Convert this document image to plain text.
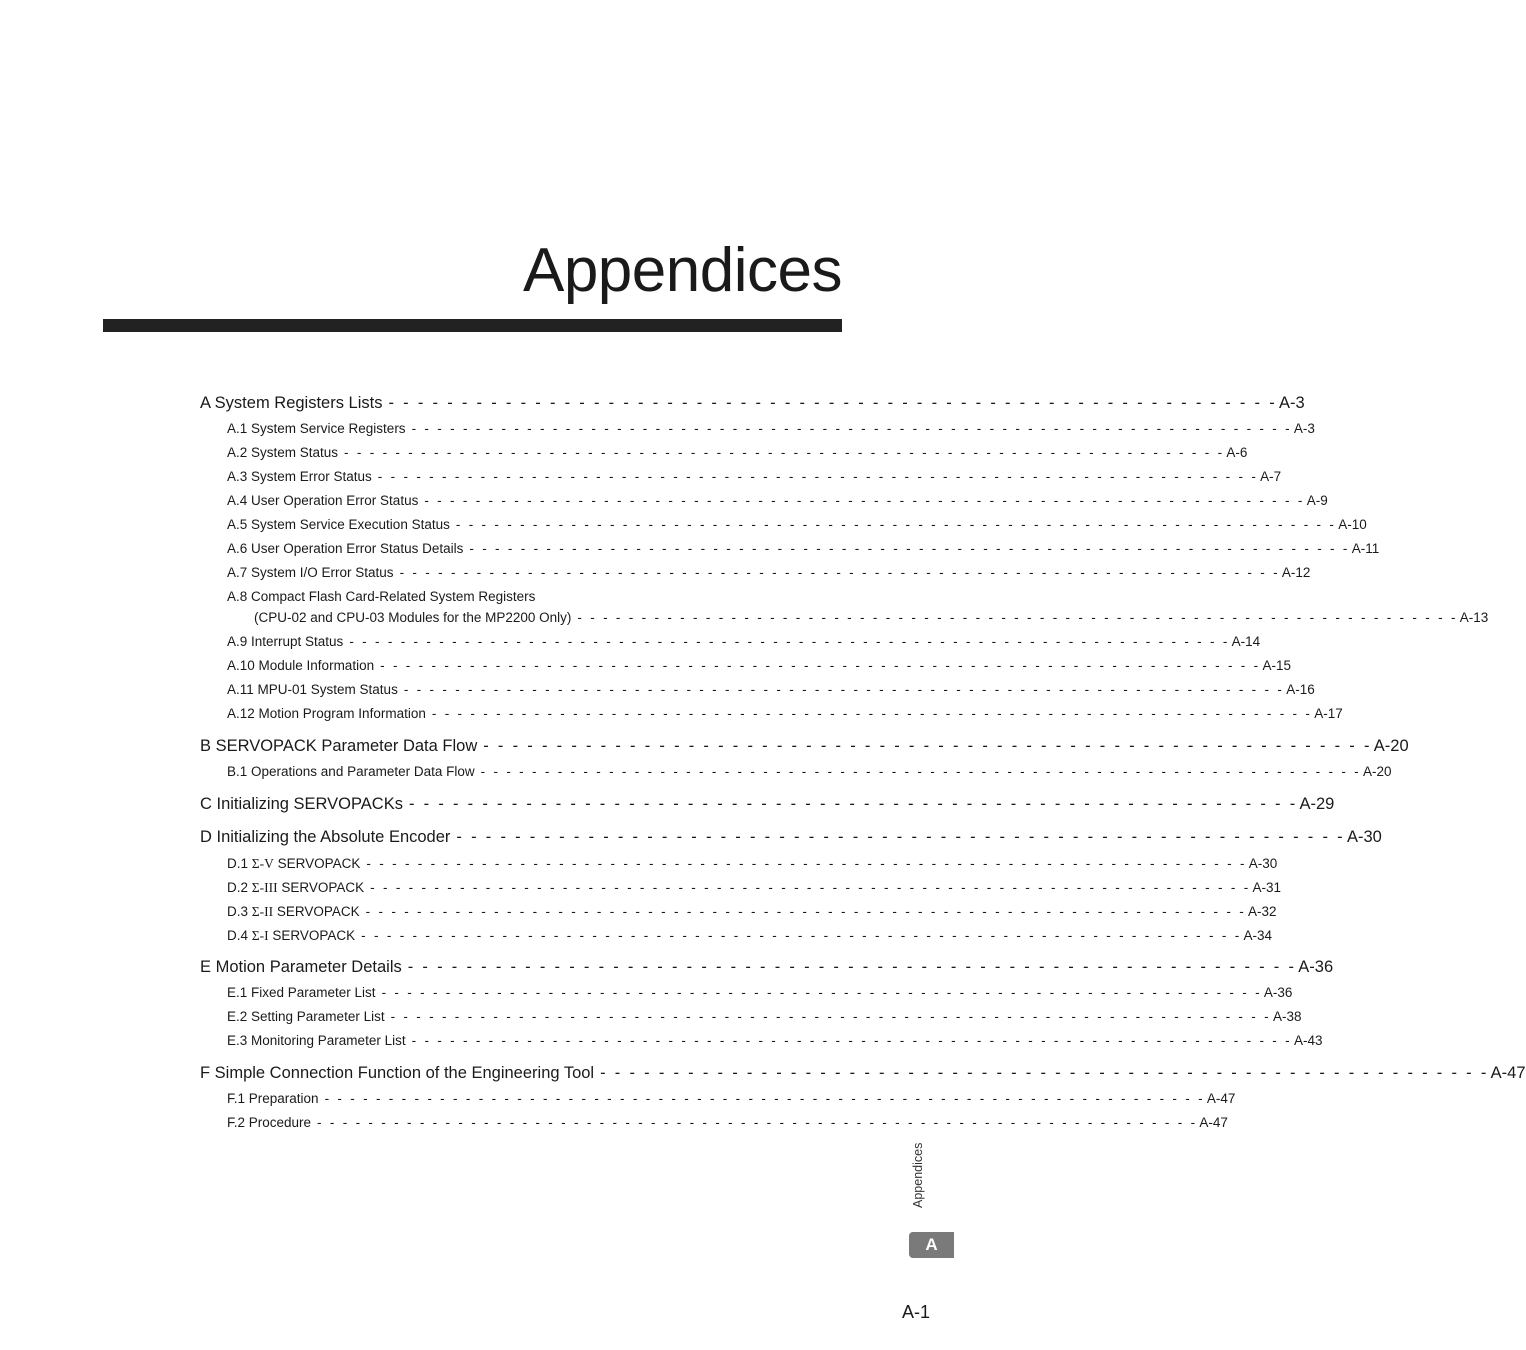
Appendices
A System Registers Lists - - - - - - - - - - - - - - - - - - - - - - - - - - - - - - - - - - - - - - - - - - - - - - - - - - - - - - - - - - - - - A-3
A.1 System Service Registers - - - - - - - - - - - - - - - - - - - - - - - - - - - - - - - - - - - - - - - - - - - - - - - - - - - - - - - - - - - - - - - - - - - - - A-3
A.2 System Status - - - - - - - - - - - - - - - - - - - - - - - - - - - - - - - - - - - - - - - - - - - - - - - - - - - - - - - - - - - - - - - - - - - - - A-6
A.3 System Error Status - - - - - - - - - - - - - - - - - - - - - - - - - - - - - - - - - - - - - - - - - - - - - - - - - - - - - - - - - - - - - - - - - - - - - A-7
A.4 User Operation Error Status - - - - - - - - - - - - - - - - - - - - - - - - - - - - - - - - - - - - - - - - - - - - - - - - - - - - - - - - - - - - - - - - - - - - - A-9
A.5 System Service Execution Status - - - - - - - - - - - - - - - - - - - - - - - - - - - - - - - - - - - - - - - - - - - - - - - - - - - - - - - - - - - - - - - - - - - - - A-10
A.6 User Operation Error Status Details - - - - - - - - - - - - - - - - - - - - - - - - - - - - - - - - - - - - - - - - - - - - - - - - - - - - - - - - - - - - - - - - - - - - - A-11
A.7 System I/O Error Status - - - - - - - - - - - - - - - - - - - - - - - - - - - - - - - - - - - - - - - - - - - - - - - - - - - - - - - - - - - - - - - - - - - - - A-12
A.8 Compact Flash Card-Related System Registers
(CPU-02 and CPU-03 Modules for the MP2200 Only) - - - - - - - - - - - - - - - - - - - - - - - - - - - - - - - - - - - - - - - - - - - - - - - - - - - - - - - - - - - - - - - - - - - - - A-13
A.9 Interrupt Status - - - - - - - - - - - - - - - - - - - - - - - - - - - - - - - - - - - - - - - - - - - - - - - - - - - - - - - - - - - - - - - - - - - - - A-14
A.10 Module Information - - - - - - - - - - - - - - - - - - - - - - - - - - - - - - - - - - - - - - - - - - - - - - - - - - - - - - - - - - - - - - - - - - - - - A-15
A.11 MPU-01 System Status - - - - - - - - - - - - - - - - - - - - - - - - - - - - - - - - - - - - - - - - - - - - - - - - - - - - - - - - - - - - - - - - - - - - - A-16
A.12 Motion Program Information - - - - - - - - - - - - - - - - - - - - - - - - - - - - - - - - - - - - - - - - - - - - - - - - - - - - - - - - - - - - - - - - - - - - - A-17
B SERVOPACK Parameter Data Flow - - - - - - - - - - - - - - - - - - - - - - - - - - - - - - - - - - - - - - - - - - - - - - - - - - - - - - - - - - - - - A-20
B.1 Operations and Parameter Data Flow - - - - - - - - - - - - - - - - - - - - - - - - - - - - - - - - - - - - - - - - - - - - - - - - - - - - - - - - - - - - - - - - - - - - - A-20
C Initializing SERVOPACKs - - - - - - - - - - - - - - - - - - - - - - - - - - - - - - - - - - - - - - - - - - - - - - - - - - - - - - - - - - - - - A-29
D Initializing the Absolute Encoder - - - - - - - - - - - - - - - - - - - - - - - - - - - - - - - - - - - - - - - - - - - - - - - - - - - - - - - - - - - - - A-30
D.1 Σ-V SERVOPACK - - - - - - - - - - - - - - - - - - - - - - - - - - - - - - - - - - - - - - - - - - - - - - - - - - - - - - - - - - - - - - - - - - - - - A-30
D.2 Σ-III SERVOPACK - - - - - - - - - - - - - - - - - - - - - - - - - - - - - - - - - - - - - - - - - - - - - - - - - - - - - - - - - - - - - - - - - - - - - A-31
D.3 Σ-II SERVOPACK - - - - - - - - - - - - - - - - - - - - - - - - - - - - - - - - - - - - - - - - - - - - - - - - - - - - - - - - - - - - - - - - - - - - - A-32
D.4 Σ-I SERVOPACK - - - - - - - - - - - - - - - - - - - - - - - - - - - - - - - - - - - - - - - - - - - - - - - - - - - - - - - - - - - - - - - - - - - - - A-34
E Motion Parameter Details - - - - - - - - - - - - - - - - - - - - - - - - - - - - - - - - - - - - - - - - - - - - - - - - - - - - - - - - - - - - - A-36
E.1 Fixed Parameter List - - - - - - - - - - - - - - - - - - - - - - - - - - - - - - - - - - - - - - - - - - - - - - - - - - - - - - - - - - - - - - - - - - - - - A-36
E.2 Setting Parameter List - - - - - - - - - - - - - - - - - - - - - - - - - - - - - - - - - - - - - - - - - - - - - - - - - - - - - - - - - - - - - - - - - - - - - A-38
E.3 Monitoring Parameter List - - - - - - - - - - - - - - - - - - - - - - - - - - - - - - - - - - - - - - - - - - - - - - - - - - - - - - - - - - - - - - - - - - - - - A-43
F Simple Connection Function of the Engineering Tool - - - - - - - - - - - - - - - - - - - - - - - - - - - - - - - - - - - - - - - - - - - - - - - - - - - - - - - - - - - - - A-47
F.1 Preparation - - - - - - - - - - - - - - - - - - - - - - - - - - - - - - - - - - - - - - - - - - - - - - - - - - - - - - - - - - - - - - - - - - - - - A-47
F.2 Procedure - - - - - - - - - - - - - - - - - - - - - - - - - - - - - - - - - - - - - - - - - - - - - - - - - - - - - - - - - - - - - - - - - - - - - A-47
Appendices
A
A-1
